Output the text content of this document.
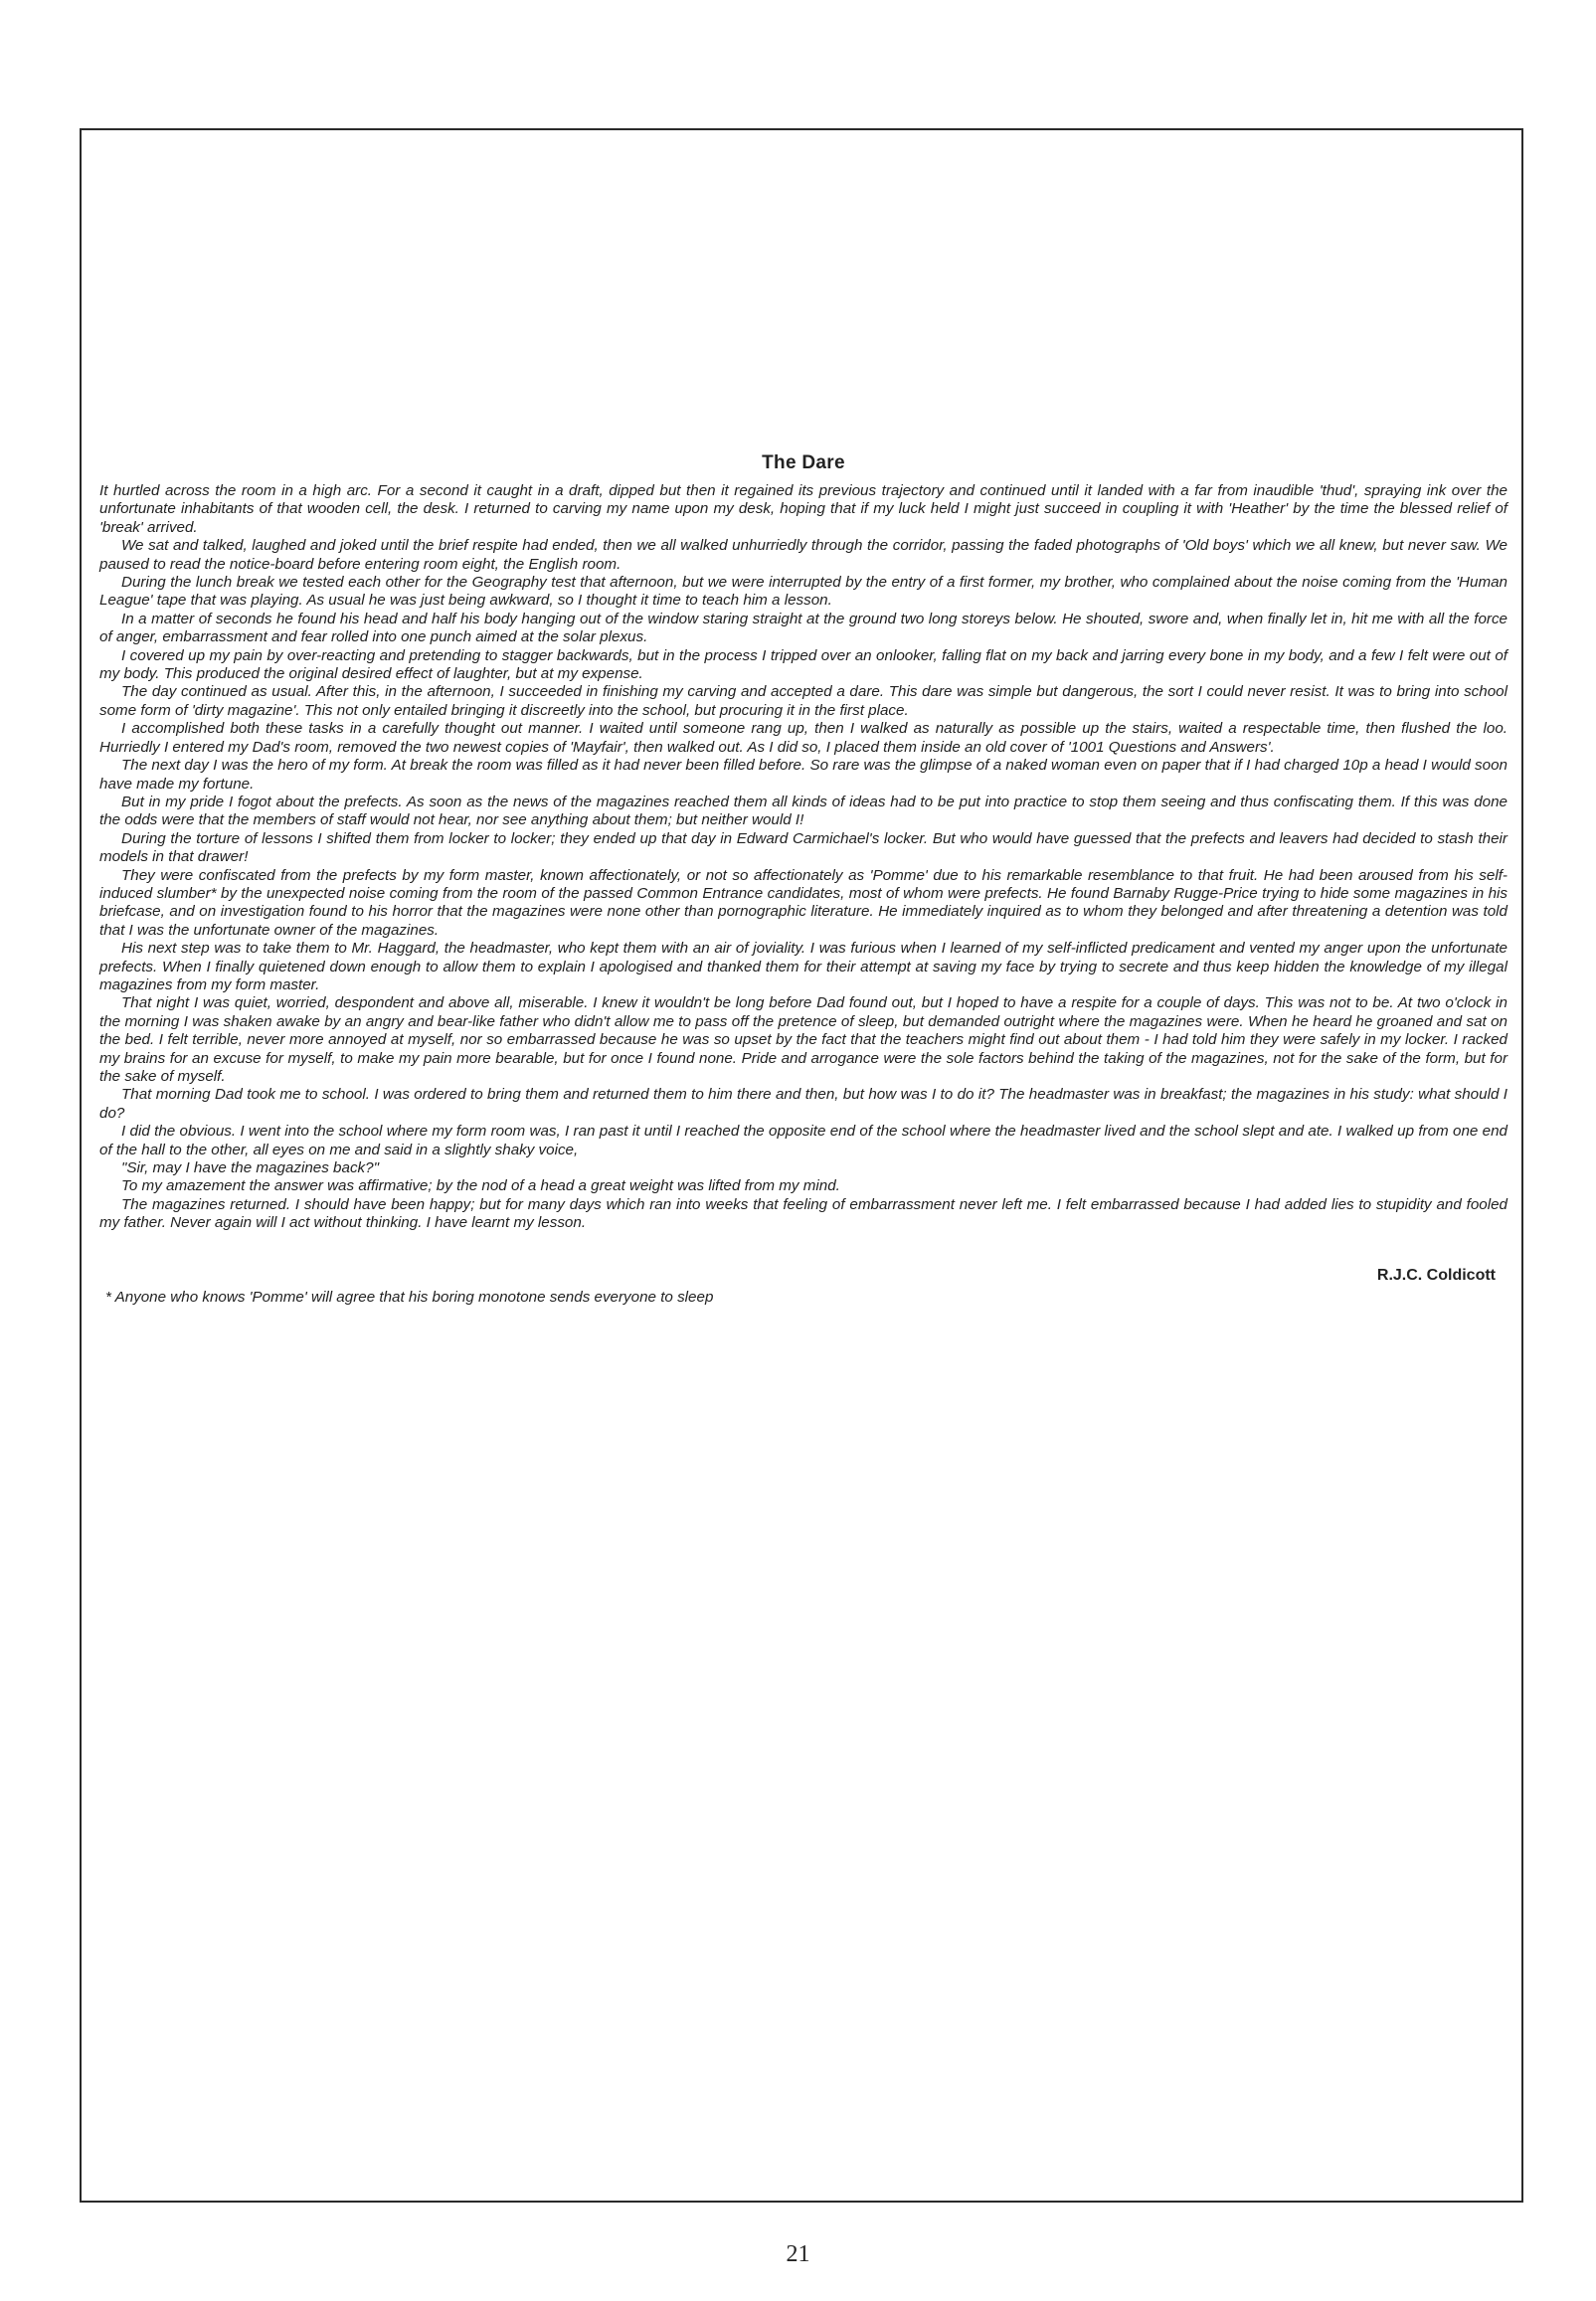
The Dare

It hurtled across the room in a high arc. For a second it caught in a draft, dipped but then it regained its previous trajectory and continued until it landed with a far from inaudible 'thud', spraying ink over the unfortunate inhabitants of that wooden cell, the desk. I returned to carving my name upon my desk, hoping that if my luck held I might just succeed in coupling it with 'Heather' by the time the blessed relief of 'break' arrived.

We sat and talked, laughed and joked until the brief respite had ended, then we all walked unhurriedly through the corridor, passing the faded photographs of 'Old boys' which we all knew, but never saw. We paused to read the notice-board before entering room eight, the English room.

During the lunch break we tested each other for the Geography test that afternoon, but we were interrupted by the entry of a first former, my brother, who complained about the noise coming from the 'Human League' tape that was playing. As usual he was just being awkward, so I thought it time to teach him a lesson.

In a matter of seconds he found his head and half his body hanging out of the window staring straight at the ground two long storeys below. He shouted, swore and, when finally let in, hit me with all the force of anger, embarrassment and fear rolled into one punch aimed at the solar plexus.

I covered up my pain by over-reacting and pretending to stagger backwards, but in the process I tripped over an onlooker, falling flat on my back and jarring every bone in my body, and a few I felt were out of my body. This produced the original desired effect of laughter, but at my expense.

The day continued as usual. After this, in the afternoon, I succeeded in finishing my carving and accepted a dare. This dare was simple but dangerous, the sort I could never resist. It was to bring into school some form of 'dirty magazine'. This not only entailed bringing it discreetly into the school, but procuring it in the first place.

I accomplished both these tasks in a carefully thought out manner. I waited until someone rang up, then I walked as naturally as possible up the stairs, waited a respectable time, then flushed the loo. Hurriedly I entered my Dad's room, removed the two newest copies of 'Mayfair', then walked out. As I did so, I placed them inside an old cover of '1001 Questions and Answers'.

The next day I was the hero of my form. At break the room was filled as it had never been filled before. So rare was the glimpse of a naked woman even on paper that if I had charged 10p a head I would soon have made my fortune.

But in my pride I fogot about the prefects. As soon as the news of the magazines reached them all kinds of ideas had to be put into practice to stop them seeing and thus confiscating them. If this was done the odds were that the members of staff would not hear, nor see anything about them; but neither would I!

During the torture of lessons I shifted them from locker to locker; they ended up that day in Edward Carmichael's locker. But who would have guessed that the prefects and leavers had decided to stash their models in that drawer!

They were confiscated from the prefects by my form master, known affectionately, or not so affectionately as 'Pomme' due to his remarkable resemblance to that fruit. He had been aroused from his self-induced slumber* by the unexpected noise coming from the room of the passed Common Entrance candidates, most of whom were prefects. He found Barnaby Rugge-Price trying to hide some magazines in his briefcase, and on investigation found to his horror that the magazines were none other than pornographic literature. He immediately inquired as to whom they belonged and after threatening a detention was told that I was the unfortunate owner of the magazines.

His next step was to take them to Mr. Haggard, the headmaster, who kept them with an air of joviality. I was furious when I learned of my self-inflicted predicament and vented my anger upon the unfortunate prefects. When I finally quietened down enough to allow them to explain I apologised and thanked them for their attempt at saving my face by trying to secrete and thus keep hidden the knowledge of my illegal magazines from my form master.

That night I was quiet, worried, despondent and above all, miserable. I knew it wouldn't be long before Dad found out, but I hoped to have a respite for a couple of days. This was not to be. At two o'clock in the morning I was shaken awake by an angry and bear-like father who didn't allow me to pass off the pretence of sleep, but demanded outright where the magazines were. When he heard he groaned and sat on the bed. I felt terrible, never more annoyed at myself, nor so embarrassed because he was so upset by the fact that the teachers might find out about them - I had told him they were safely in my locker. I racked my brains for an excuse for myself, to make my pain more bearable, but for once I found none. Pride and arrogance were the sole factors behind the taking of the magazines, not for the sake of the form, but for the sake of myself.

That morning Dad took me to school. I was ordered to bring them and returned them to him there and then, but how was I to do it? The headmaster was in breakfast; the magazines in his study: what should I do?

I did the obvious. I went into the school where my form room was, I ran past it until I reached the opposite end of the school where the headmaster lived and the school slept and ate. I walked up from one end of the hall to the other, all eyes on me and said in a slightly shaky voice,

"Sir, may I have the magazines back?"

To my amazement the answer was affirmative; by the nod of a head a great weight was lifted from my mind.

The magazines returned. I should have been happy; but for many days which ran into weeks that feeling of embarrassment never left me. I felt embarrassed because I had added lies to stupidity and fooled my father. Never again will I act without thinking. I have learnt my lesson.

R.J.C. Coldicott
* Anyone who knows 'Pomme' will agree that his boring monotone sends everyone to sleep
21
